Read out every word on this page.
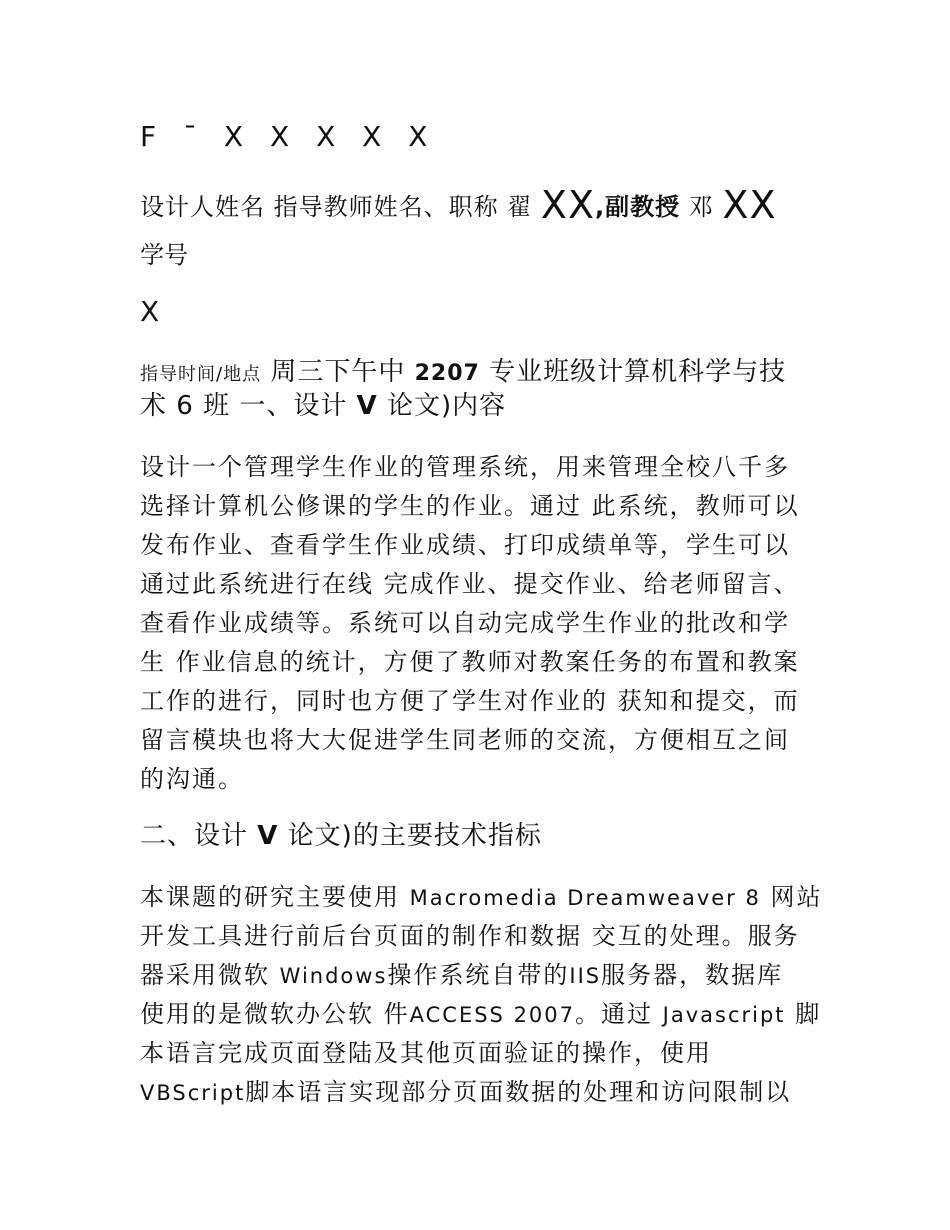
F ¯ X X X X X
设计人姓名 指导教师姓名、职称 翟 XX,副教授 邓 XX
学号
X
指导时间/地点 周三下午中 2207 专业班级计算机科学与技
术 6 班 一、设计 V 论文)内容
设计一个管理学生作业的管理系统，用来管理全校八千多
选择计算机公修课的学生的作业。通过 此系统，教师可以
发布作业、查看学生作业成绩、打印成绩单等，学生可以
通过此系统进行在线 完成作业、提交作业、给老师留言、
查看作业成绩等。系统可以自动完成学生作业的批改和学
生 作业信息的统计，方便了教师对教案任务的布置和教案
工作的进行，同时也方便了学生对作业的 获知和提交，而
留言模块也将大大促进学生同老师的交流，方便相互之间
的沟通。
二、设计 V 论文)的主要技术指标
本课题的研究主要使用 Macromedia Dreamweaver 8 网站
开发工具进行前后台页面的制作和数据 交互的处理。服务
器采用微软 Windows操作系统自带的IIS服务器，数据库
使用的是微软办公软 件ACCESS 2007。通过 Javascript 脚
本语言完成页面登陆及其他页面验证的操作，使用
VBScript脚本语言实现部分页面数据的处理和访问限制以
